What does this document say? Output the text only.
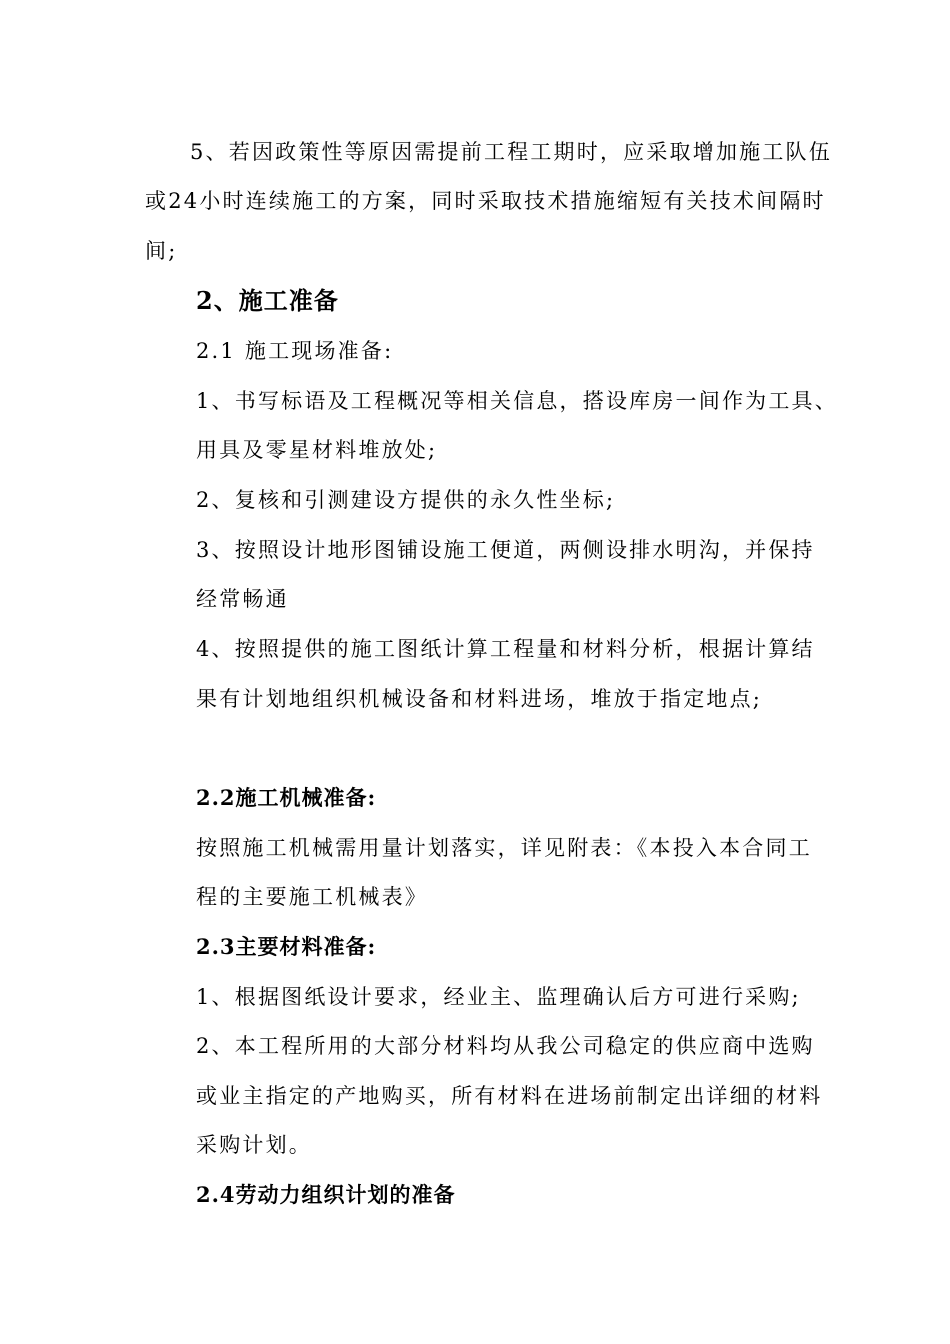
5、若因政策性等原因需提前工程工期时，应采取增加施工队伍
或24小时连续施工的方案，同时采取技术措施缩短有关技术间隔时
间;
2、施工准备
2.1 施工现场准备:
1、书写标语及工程概况等相关信息，搭设库房一间作为工具、
用具及零星材料堆放处;
2、复核和引测建设方提供的永久性坐标;
3、按照设计地形图铺设施工便道，两侧设排水明沟，并保持
经常畅通
4、按照提供的施工图纸计算工程量和材料分析，根据计算结
果有计划地组织机械设备和材料进场，堆放于指定地点;
2.2施工机械准备:
按照施工机械需用量计划落实，详见附表：《本投入本合同工
程的主要施工机械表》
2.3主要材料准备:
1、根据图纸设计要求，经业主、监理确认后方可进行采购;
2、本工程所用的大部分材料均从我公司稳定的供应商中选购
或业主指定的产地购买，所有材料在进场前制定出详细的材料
采购计划。
2.4劳动力组织计划的准备
